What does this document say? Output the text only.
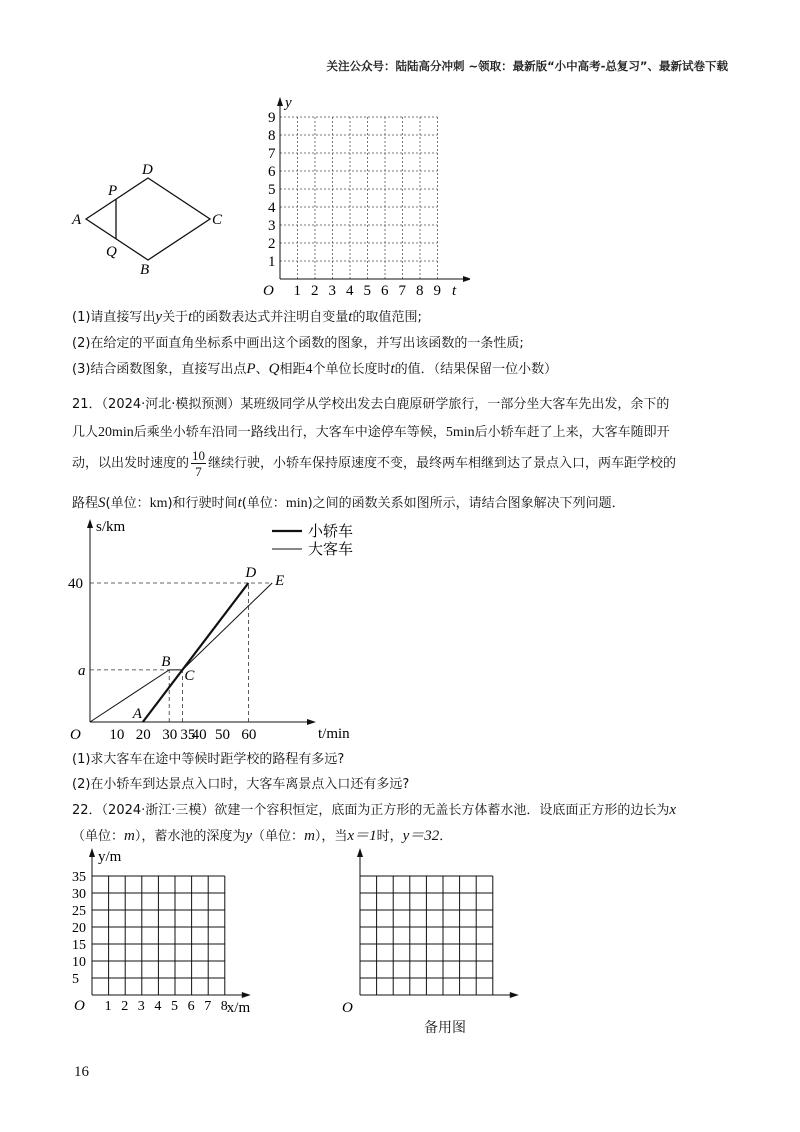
关注公众号：陆陆高分冲刺 ~领取：最新版“小中高考-总复习”、最新试卷下载
A
P
D
C
Q
B
1
1
2
2
3
3
4
4
5
5
6
6
7
7
8
8
9
9
y
t
O
(1)请直接写出y关于t的函数表达式并注明自变量t的取值范围;
(2)在给定的平面直角坐标系中画出这个函数的图象，并写出该函数的一条性质;
(3)结合函数图象，直接写出点P、Q相距4个单位长度时t的值．（结果保留一位小数）
21．（2024·河北·模拟预测）某班级同学从学校出发去白鹿原研学旅行，一部分坐大客车先出发，余下的
几人20min后乘坐小轿车沿同一路线出行，大客车中途停车等候，5min后小轿车赶了上来，大客车随即开
动，以出发时速度的 $\frac{10}{7}$ 继续行驶，小轿车保持原速度不变，最终两车相继到达了景点入口，两车距学校的
路程S(单位：km)和行驶时间t(单位：min)之间的函数关系如图所示，请结合图象解决下列问题．
s/km
t/min
O 10 20 30 35
40 50 60
a
40
A
D
B
C
E
小轿车
大客车
(1)求大客车在途中等候时距学校的路程有多远?
(2)在小轿车到达景点入口时，大客车离景点入口还有多远?
22．（2024·浙江·三模）欲建一个容积恒定，底面为正方形的无盖长方体蓄水池．设底面正方形的边长为x
（单位：m），蓄水池的深度为y（单位：m），当x＝1时，y＝32．
O 1 2 3 4 5 6 7 8
5
10
15
20
25
30
35
y/m
x/m	O
备用图
16
